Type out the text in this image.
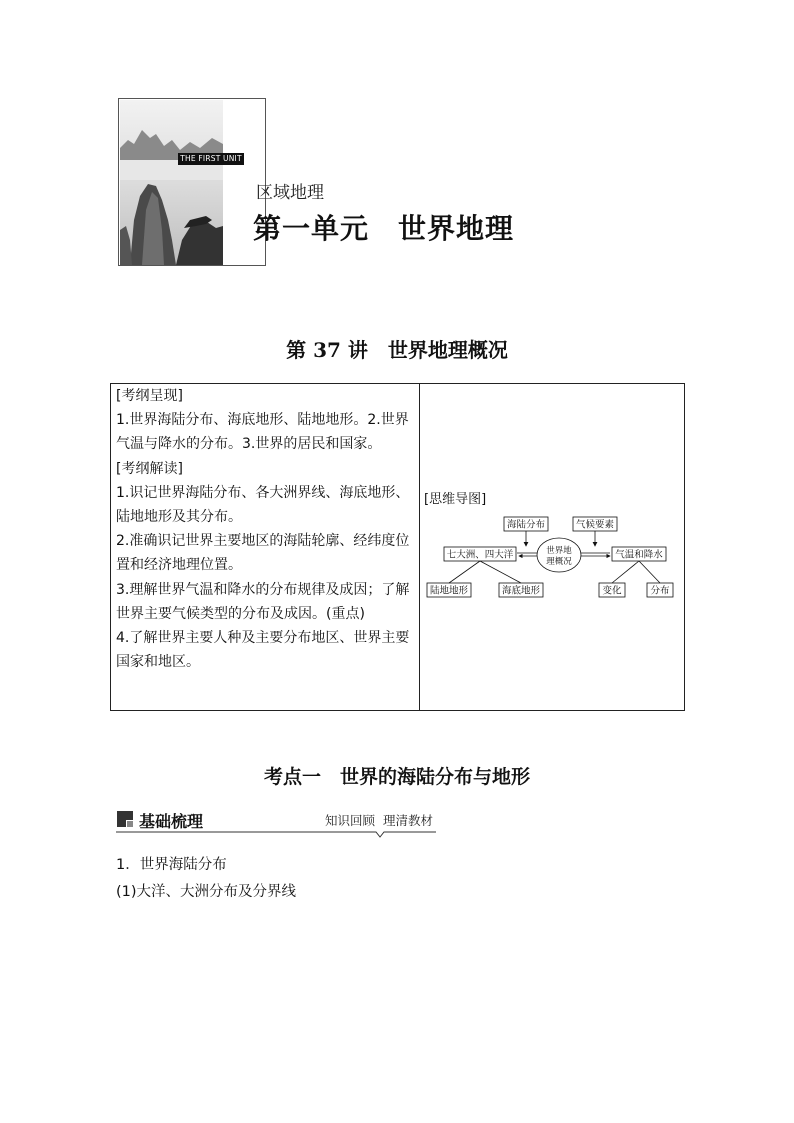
THE FIRST UNIT
区域地理
第一单元　世界地理
第 37 讲　世界地理概况

[考纲呈现]

1.世界海陆分布、海底地形、陆地地形。2.世界气温与降水的分布。3.世界的居民和国家。

[考纲解读]

1.识记世界海陆分布、各大洲界线、海底地形、陆地地形及其分布。

2.准确识记世界主要地区的海陆轮廓、经纬度位置和经济地理位置。

3.理解世界气温和降水的分布规律及成因；了解世界主要气候类型的分布及成因。(重点)

4.了解世界主要人种及主要分布地区、世界主要国家和地区。

[思维导图]
海陆分布	气候要素
七大洲、四大洋	世界地
理概况
气温和降水
陆地地形	海底地形	变化	分布
考点一　世界的海陆分布与地形
基础梳理	知识回顾  理清教材
1．世界海陆分布
(1)大洋、大洲分布及分界线
